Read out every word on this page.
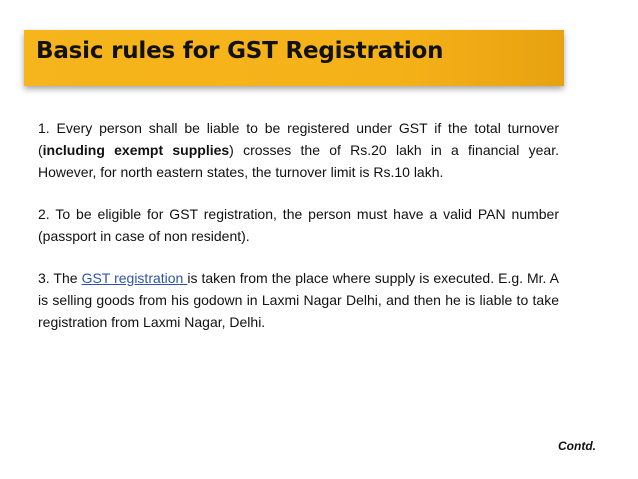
Basic rules for GST Registration

1. Every person shall be liable to be registered under GST if the total turnover (including exempt supplies) crosses the of Rs.20 lakh in a financial year. However, for north eastern states, the turnover limit is Rs.10 lakh.

2. To be eligible for GST registration, the person must have a valid PAN number (passport in case of non resident).

3. The GST registration is taken from the place where supply is executed. E.g. Mr. A is selling goods from his godown in Laxmi Nagar Delhi, and then he is liable to take registration from Laxmi Nagar, Delhi.

Contd.
